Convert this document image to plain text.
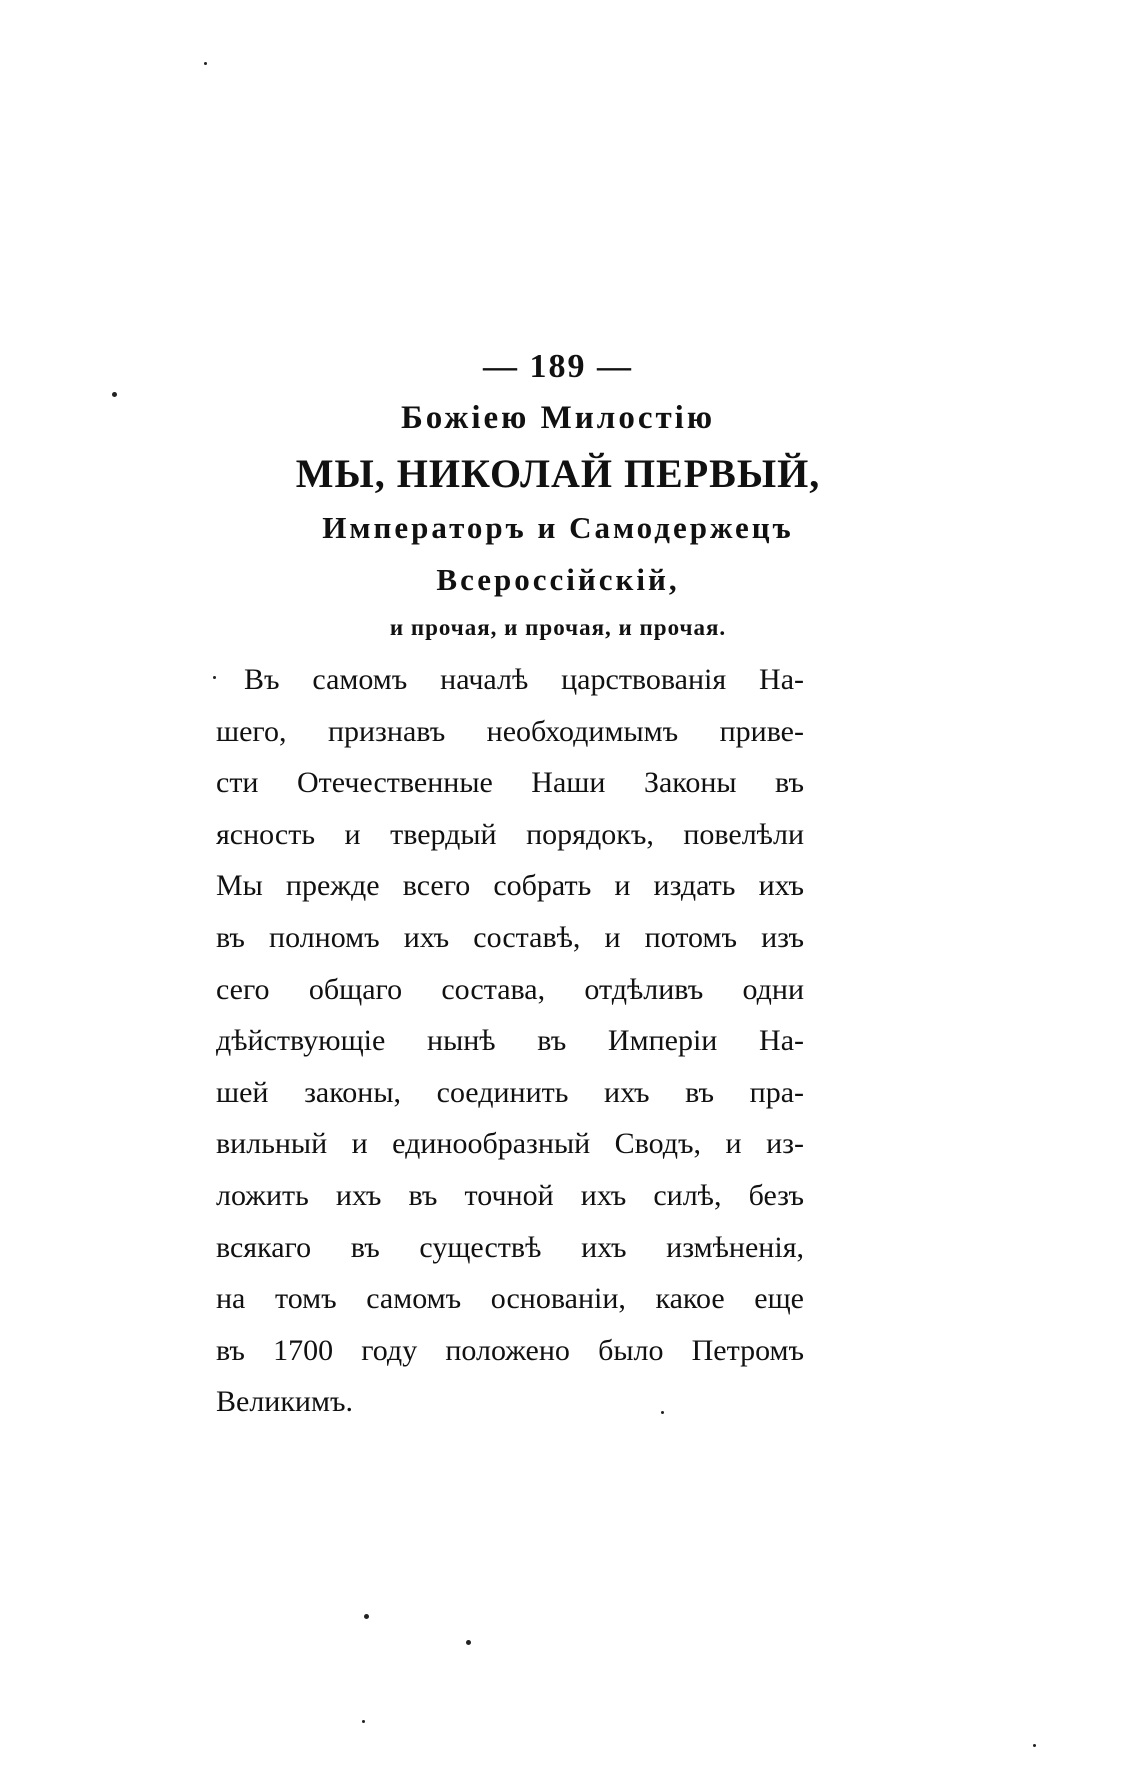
— 189 —
Божiею Милостiю
МЫ, НИКОЛАЙ ПЕРВЫЙ,
Императоръ и Самодержецъ
Всероссiйскiй,
и прочая, и прочая, и прочая.
Въ самомъ началѣ царствованiя На-
шего, признавъ необходимымъ приве-
сти Отечественные Наши Законы въ
ясность и твердый порядокъ, повелѣли
Мы прежде всего собрать и издать ихъ
въ полномъ ихъ составѣ, и потомъ изъ
сего общаго состава, отдѣливъ одни
дѣйствующiе нынѣ въ Имперiи На-
шей законы, соединить ихъ въ пра-
вильный и единообразный Сводъ, и из-
ложить ихъ въ точной ихъ силѣ, безъ
всякаго въ существѣ ихъ измѣненiя,
на томъ самомъ основанiи, какое еще
въ 1700 году положено было Петромъ
Великимъ.
